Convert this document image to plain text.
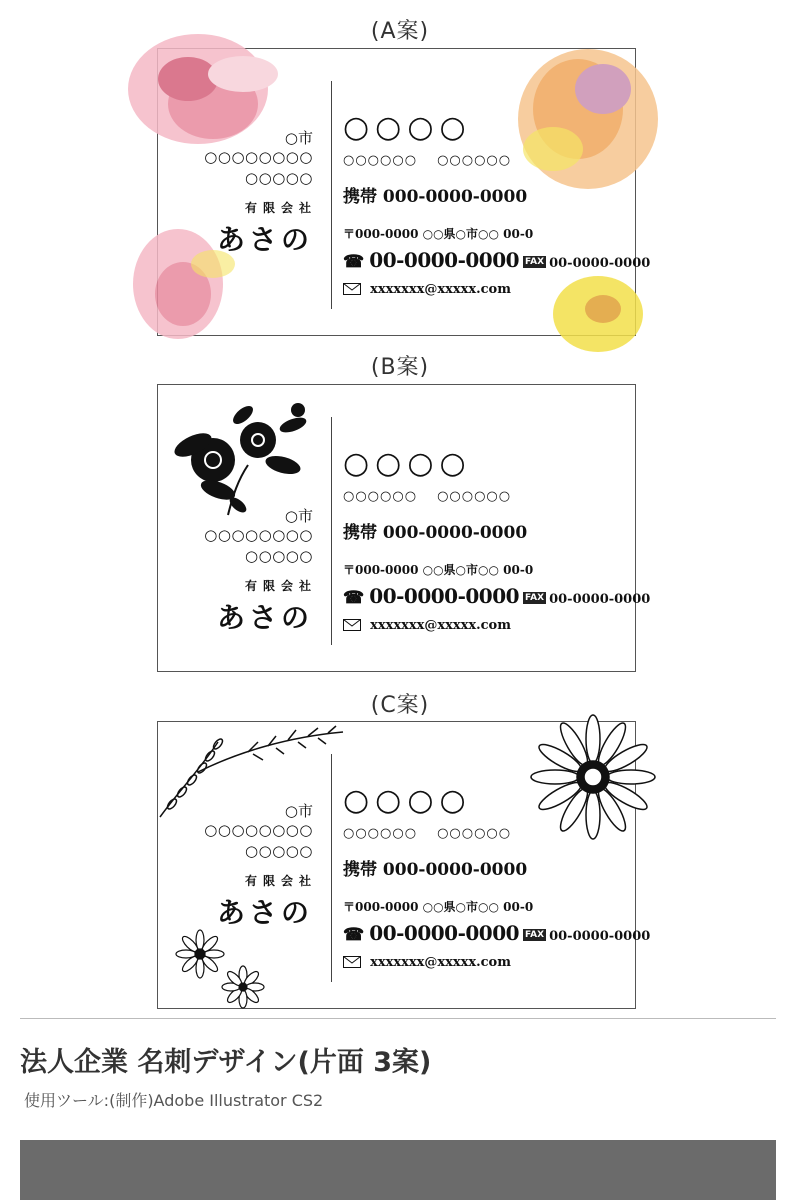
(A案)
○市
○○○○○○○○
○○○○○
有限会社
あさの
○○○○
○○○○○○ ○○○○○○
携帯 000-0000-0000
〒000-0000 ○○県○市○○ 00-0
☎ 00-0000-0000 FAX 00-0000-0000
xxxxxxx@xxxxx.com
(B案)
○市
○○○○○○○○
○○○○○
有限会社
あさの
○○○○
○○○○○○ ○○○○○○
携帯 000-0000-0000
〒000-0000 ○○県○市○○ 00-0
☎ 00-0000-0000 FAX 00-0000-0000
xxxxxxx@xxxxx.com
(C案)
○市
○○○○○○○○
○○○○○
有限会社
あさの
○○○○
○○○○○○ ○○○○○○
携帯 000-0000-0000
〒000-0000 ○○県○市○○ 00-0
☎ 00-0000-0000 FAX 00-0000-0000
xxxxxxx@xxxxx.com
法人企業 名刺デザイン(片面 3案)
使用ツール:(制作)Adobe Illustrator CS2
